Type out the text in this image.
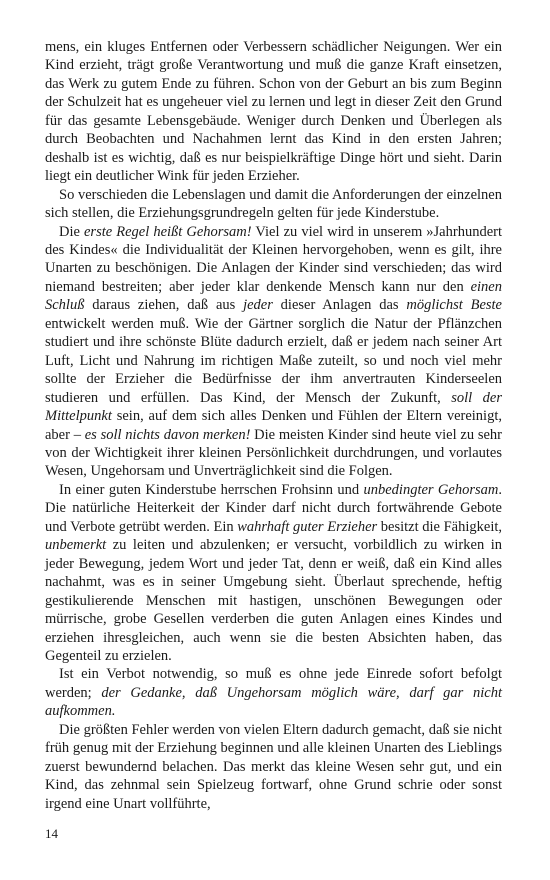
mens, ein kluges Entfernen oder Verbessern schädlicher Neigungen. Wer ein Kind erzieht, trägt große Verantwortung und muß die ganze Kraft einsetzen, das Werk zu gutem Ende zu führen. Schon von der Geburt an bis zum Beginn der Schulzeit hat es ungeheuer viel zu lernen und legt in dieser Zeit den Grund für das gesamte Lebensgebäude. Weniger durch Denken und Überlegen als durch Beobachten und Nachahmen lernt das Kind in den ersten Jahren; deshalb ist es wichtig, daß es nur beispielkräftige Dinge hört und sieht. Darin liegt ein deutlicher Wink für jeden Erzieher.

So verschieden die Lebenslagen und damit die Anforderungen der einzelnen sich stellen, die Erziehungsgrundregeln gelten für jede Kinderstube.

Die erste Regel heißt Gehorsam! Viel zu viel wird in unserem »Jahrhundert des Kindes« die Individualität der Kleinen hervorgehoben, wenn es gilt, ihre Unarten zu beschönigen. Die Anlagen der Kinder sind verschieden; das wird niemand bestreiten; aber jeder klar denkende Mensch kann nur den einen Schluß daraus ziehen, daß aus jeder dieser Anlagen das möglichst Beste entwickelt werden muß. Wie der Gärtner sorglich die Natur der Pflänzchen studiert und ihre schönste Blüte dadurch erzielt, daß er jedem nach seiner Art Luft, Licht und Nahrung im richtigen Maße zuteilt, so und noch viel mehr sollte der Erzieher die Bedürfnisse der ihm anvertrauten Kinderseelen studieren und erfüllen. Das Kind, der Mensch der Zukunft, soll der Mittelpunkt sein, auf dem sich alles Denken und Fühlen der Eltern vereinigt, aber – es soll nichts davon merken! Die meisten Kinder sind heute viel zu sehr von der Wichtigkeit ihrer kleinen Persönlichkeit durchdrungen, und vorlautes Wesen, Ungehorsam und Unverträglichkeit sind die Folgen.

In einer guten Kinderstube herrschen Frohsinn und unbedingter Gehorsam. Die natürliche Heiterkeit der Kinder darf nicht durch fortwährende Gebote und Verbote getrübt werden. Ein wahrhaft guter Erzieher besitzt die Fähigkeit, unbemerkt zu leiten und abzulenken; er versucht, vorbildlich zu wirken in jeder Bewegung, jedem Wort und jeder Tat, denn er weiß, daß ein Kind alles nachahmt, was es in seiner Umgebung sieht. Überlaut sprechende, heftig gestikulierende Menschen mit hastigen, unschönen Bewegungen oder mürrische, grobe Gesellen verderben die guten Anlagen eines Kindes und erziehen ihresgleichen, auch wenn sie die besten Absichten haben, das Gegenteil zu erzielen.

Ist ein Verbot notwendig, so muß es ohne jede Einrede sofort befolgt werden; der Gedanke, daß Ungehorsam möglich wäre, darf gar nicht aufkommen.

Die größten Fehler werden von vielen Eltern dadurch gemacht, daß sie nicht früh genug mit der Erziehung beginnen und alle kleinen Unarten des Lieblings zuerst bewundernd belachen. Das merkt das kleine Wesen sehr gut, und ein Kind, das zehnmal sein Spielzeug fortwarf, ohne Grund schrie oder sonst irgend eine Unart vollführte,

14
